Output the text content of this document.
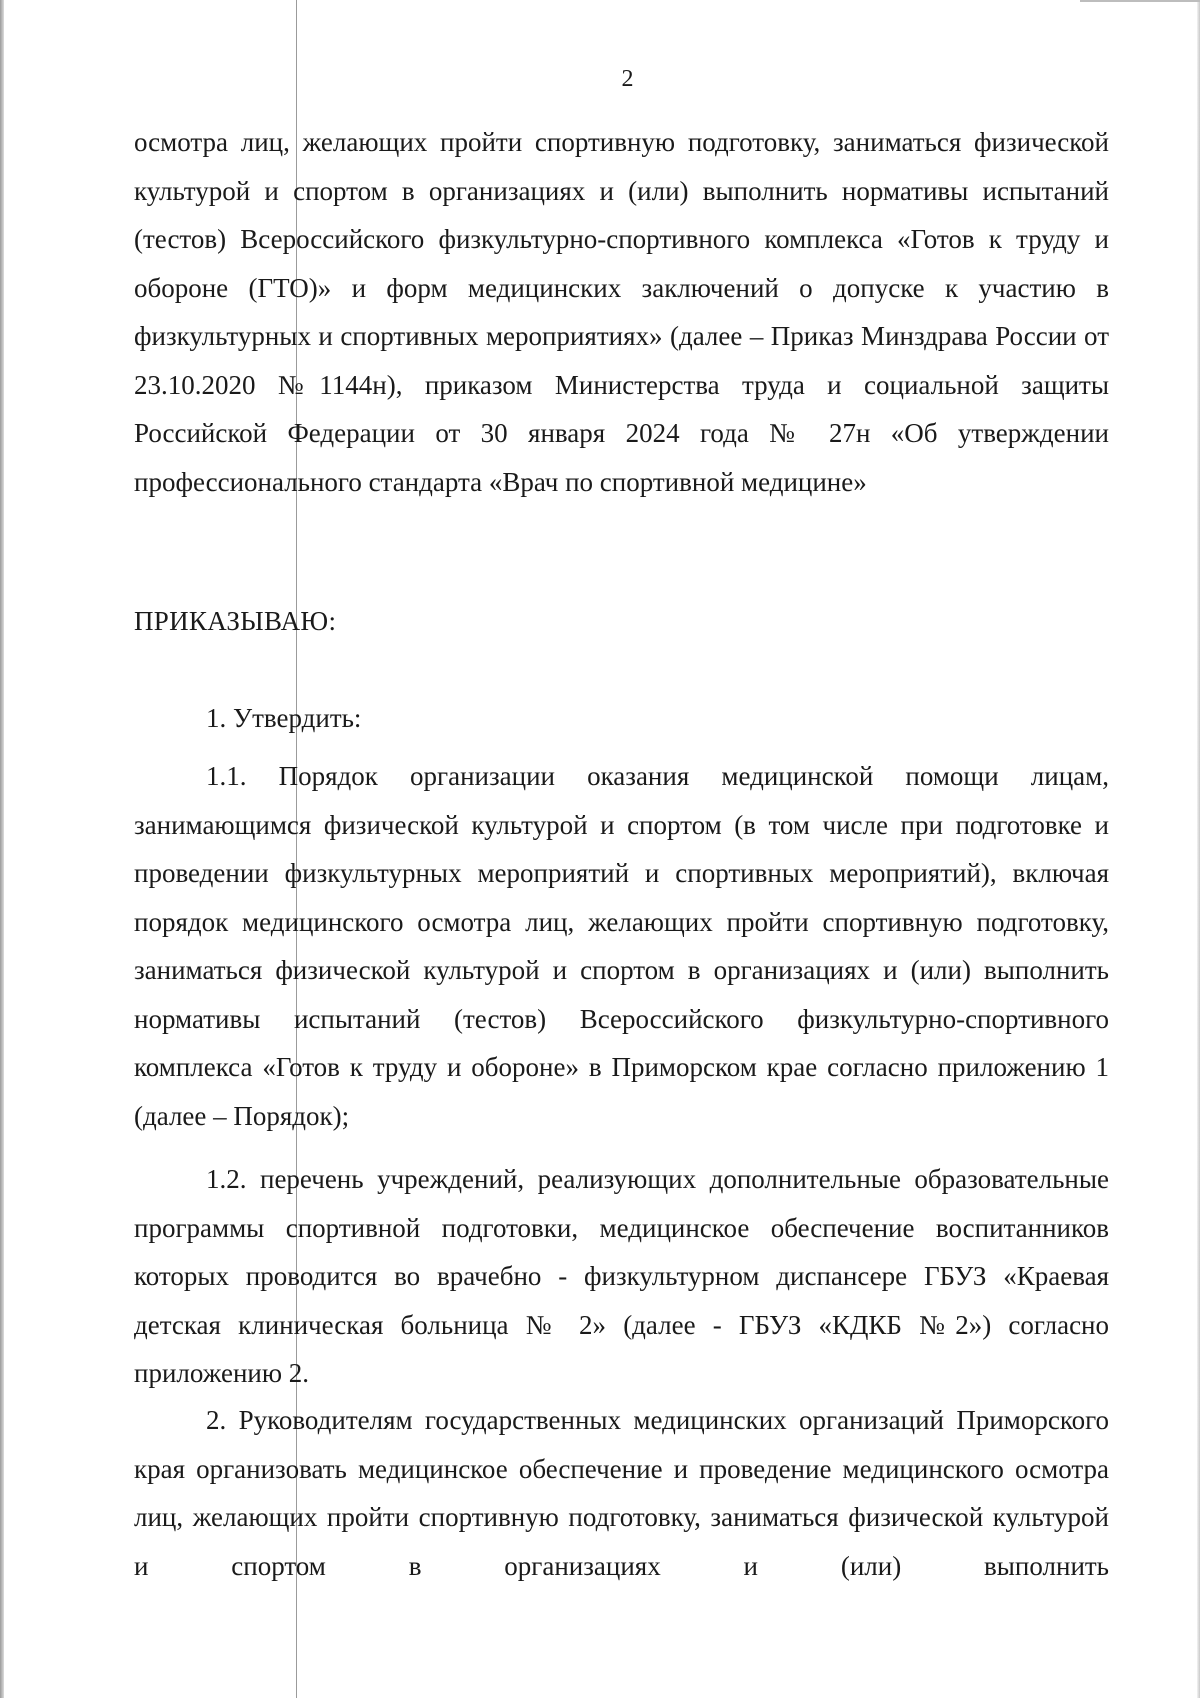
2

осмотра лиц, желающих пройти спортивную подготовку, заниматься физической культурой и спортом в организациях и (или) выполнить нормативы испытаний (тестов) Всероссийского физкультурно-спортивного комплекса «Готов к труду и обороне (ГТО)» и форм медицинских заключений о допуске к участию в физкультурных и спортивных мероприятиях» (далее – Приказ Минздрава России от 23.10.2020 №1144н), приказом Министерства труда и социальной защиты Российской Федерации от 30 января 2024 года № 27н «Об утверждении профессионального стандарта «Врач по спортивной медицине»

ПРИКАЗЫВАЮ:
1. Утвердить:

1.1. Порядок организации оказания медицинской помощи лицам, занимающимся физической культурой и спортом (в том числе при подготовке и проведении физкультурных мероприятий и спортивных мероприятий), включая порядок медицинского осмотра лиц, желающих пройти спортивную подготовку, заниматься физической культурой и спортом в организациях и (или) выполнить нормативы испытаний (тестов) Всероссийского физкультурно-спортивного комплекса «Готов к труду и обороне» в Приморском крае согласно приложению 1 (далее – Порядок);

1.2. перечень учреждений, реализующих дополнительные образовательные программы спортивной подготовки, медицинское обеспечение воспитанников которых проводится во врачебно - физкультурном диспансере ГБУЗ «Краевая детская клиническая больница № 2» (далее - ГБУЗ «КДКБ №2») согласно приложению 2.

2. Руководителям государственных медицинских организаций Приморского края организовать медицинское обеспечение и проведение медицинского осмотра лиц, желающих пройти спортивную подготовку, заниматься физической культурой и спортом в организациях и (или) выполнить
